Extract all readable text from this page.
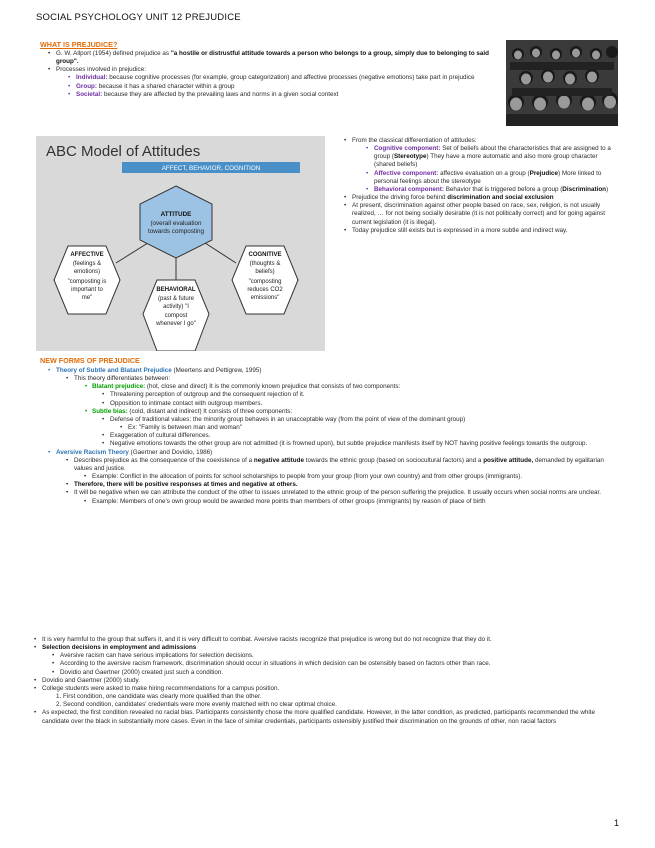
SOCIAL PSYCHOLOGY UNIT 12 PREJUDICE
WHAT IS PREJUDICE?

• G. W. Allport (1954) defined prejudice as "a hostile or distrustful attitude towards a person who belongs to a group, simply due to belonging to said group".

• Processes involved in prejudice:

• Individual: because cognitive processes (for example, group categorization) and affective processes (negative emotions) take part in prejudice

• Group: because it has a shared character within a group

• Societal: because they are affected by the prevailing laws and norms in a given social context

ABC Model of Attitudes
AFFECT, BEHAVIOR, COGNITION
ATTITUDE
(overall evaluation
towards composting
AFFECTIVE
(feelings &
emotions)
"composting is
important to
me"
BEHAVIORAL
(past & future
activity) "I
compost
whenever I go"
COGNITIVE
(thoughts &
beliefs)
"composting
reduces CO2
emissions"

• From the classical differentiation of attitudes:

• Cognitive component: Set of beliefs about the characteristics that are assigned to a group (Stereotype) They have a more automatic and also more group character (shared beliefs)

• Affective component: affective evaluation on a group (Prejudice) More linked to personal feelings about the stereotype

• Behavioral component: Behavior that is triggered before a group (Discrimination)

• Prejudice the driving force behind discrimination and social exclusion

• At present, discrimination against other people based on race, sex, religion, is not usually realized, … for not being socially desirable (it is not politically correct) and for going against current legislation (it is illegal).

• Today prejudice still exists but is expressed in a more subtle and indirect way.

NEW FORMS OF PREJUDICE

• Theory of Subtle and Blatant Prejudice (Meertens and Pettigrew, 1995)

• This theory differentiates between:

• Blatant prejudice: (hot, close and direct) It is the commonly known prejudice that consists of two components:

• Threatening perception of outgroup and the consequent rejection of it.

• Opposition to intimate contact with outgroup members.

• Subtle bias: (cold, distant and indirect) It consists of three components:

• Defense of traditional values: the minority group behaves in an unacceptable way (from the point of view of the dominant group)

• Ex: "Family is between man and woman"

• Exaggeration of cultural differences.

• Negative emotions towards the other group are not admitted (it is frowned upon), but subtle prejudice manifests itself by NOT having positive feelings towards the outgroup.

• Aversive Racism Theory (Gaertner and Dovidio, 1986)

• Describes prejudice as the consequence of the coexistence of a negative attitude towards the ethnic group (based on sociocultural factors) and a positive attitude, demanded by egalitarian values and justice.

• Example: Conflict in the allocation of points for school scholarships to people from your group (from your own country) and from other groups (immigrants).

• Therefore, there will be positive responses at times and negative at others.

• It will be negative when we can attribute the conduct of the other to issues unrelated to the ethnic group of the person suffering the prejudice. It usually occurs when social norms are unclear.

• Example: Members of one's own group would be awarded more points than members of other groups (immigrants) by reason of place of birth

• It is very harmful to the group that suffers it, and it is very difficult to combat. Aversive racists recognize that prejudice is wrong but do not recognize that they do it.

• Selection decisions in employment and admissions

• Aversive racism can have serious implications for selection decisions.

• According to the aversive racism framework, discrimination should occur in situations in which decision can be ostensibly based on factors other than race.

• Dovidio and Gaertner (2000) created just such a condition.

• Dovidio and Gaertner (2000) study.

• College students were asked to make hiring recommendations for a campus position.

1. First condition, one candidate was clearly more qualified than the other.

2. Second condition, candidates' credentials were more evenly matched with no clear optimal choice.

• As expected, the first condition revealed no racial bias. Participants consistently chose the more qualified candidate. However, in the latter condition, as predicted, participants recommended the white candidate over the black in substantially more cases. Even in the face of similar credentials, participants ostensibly justified their discrimination on the grounds of other, non racial factors

1
